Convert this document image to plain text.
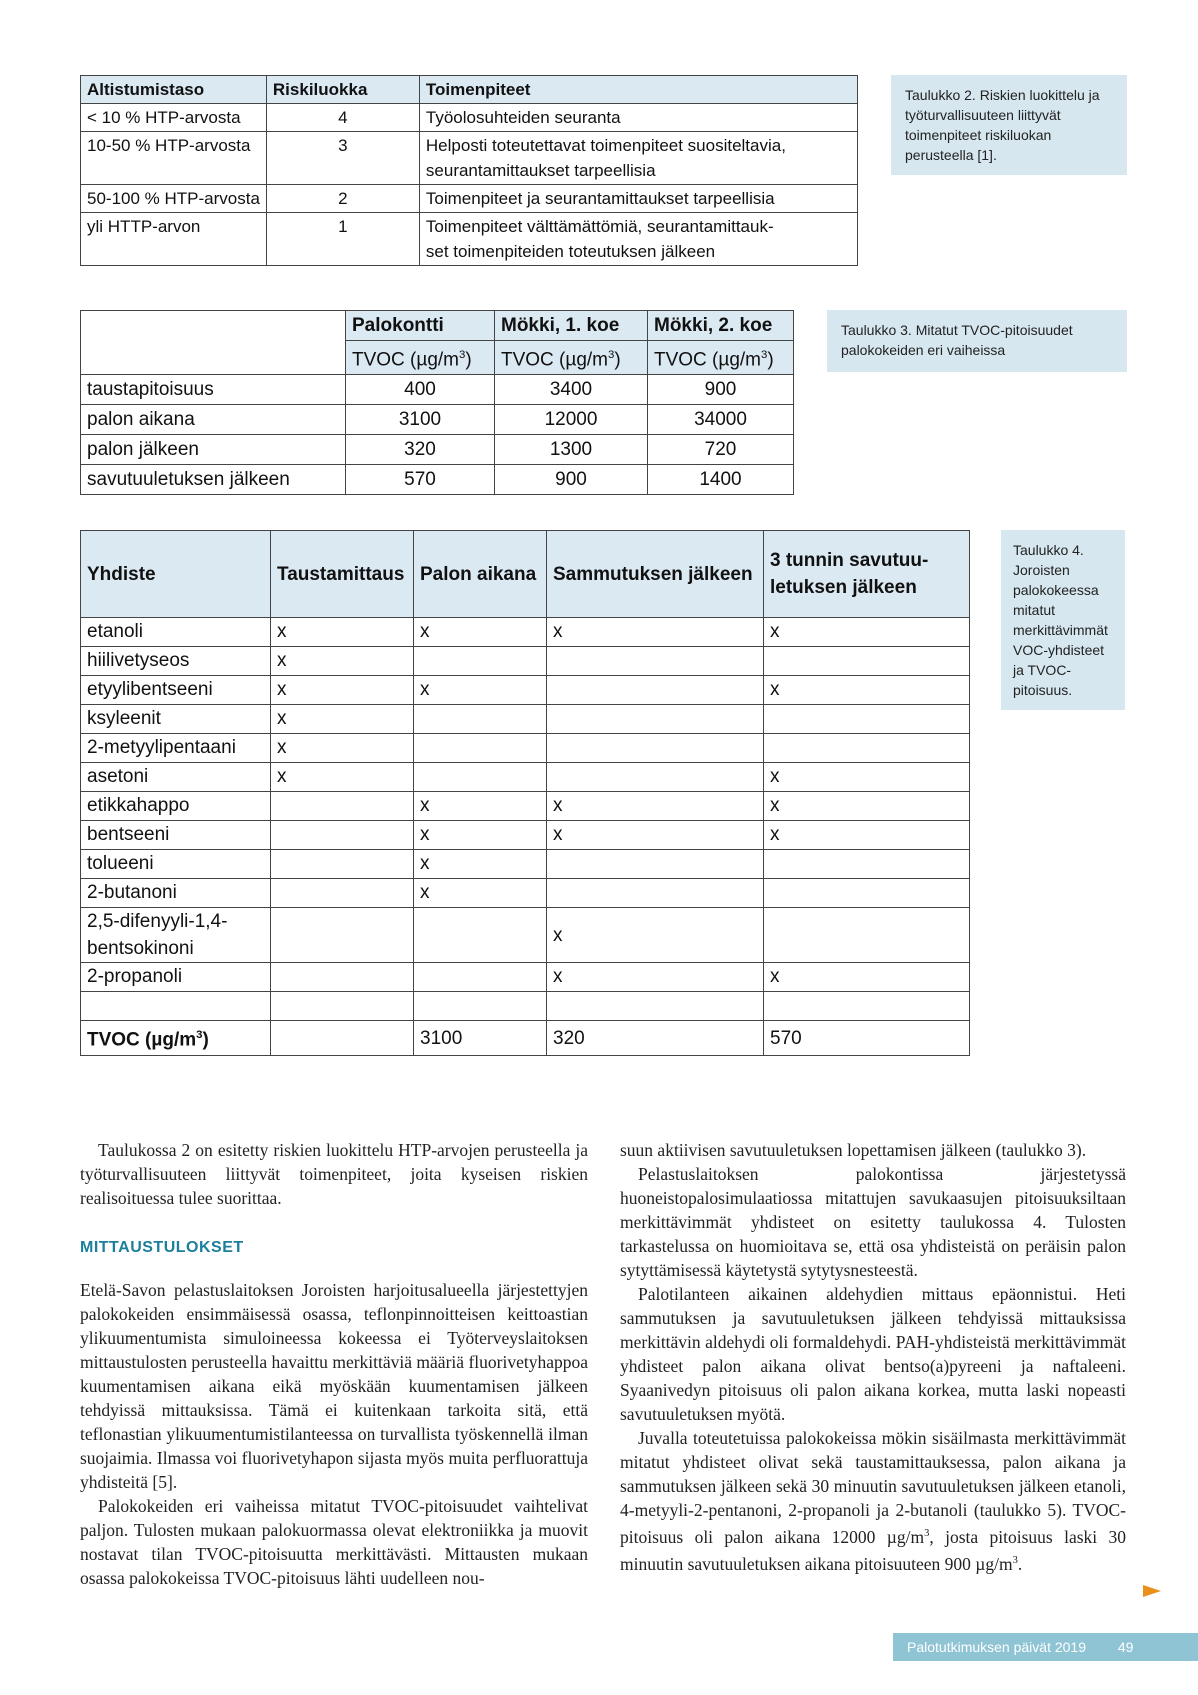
Altistumistaso	Riskiluokka	Toimenpiteet
< 10 % HTP-arvosta	4	Työolosuhteiden seuranta
10-50 % HTP-arvosta	3	Helposti toteutettavat toimenpiteet suositeltavia,
seurantamittaukset tarpeellisia

50-100 % HTP-arvosta	2	Toimenpiteet ja seurantamittaukset tarpeellisia
yli HTTP-arvon	1	Toimenpiteet välttämättömiä, seurantamittauk-
set toimenpiteiden toteutuksen jälkeen
Taulukko 2. Riskien luokittelu ja työturvallisuuteen liittyvät toimenpiteet riskiluokan perusteella [1].
	Palokontti	Mökki, 1. koe	Mökki, 2. koe
	TVOC $(\mu g/m^3)$	TVOC $(\mu g/m^3)$	TVOC $(\mu g/m^3)$
taustapitoisuus	400	3400	900
palon aikana	3100	12000	34000
palon jälkeen	320	1300	720
savutuuletuksen jälkeen	570	900	1400
Taulukko 3. Mitatut TVOC-pitoisuudet palokokeiden eri vaiheissa
Yhdiste	Taustamittaus	Palon aikana	Sammutuksen jälkeen	3 tunnin savutuu-
letuksen jälkeen

etanoli	x	x	x	x
hiilivetyseos	x			
etyylibentseeni	x	x		x
ksyleenit	x			
2-metyylipentaani	x			
asetoni	x			x
etikkahappo		x	x	x
bentseeni		x	x	x
tolueeni		x		
2-butanoni		x		

2,5-difenyyli-1,4-
bentsokinoni			x	
2-propanoli			x	x

TVOC $(\mu g/m^3)$		3100	320	570
Taulukko 4. Joroisten palokokeessa mitatut merkittävimmät VOC-yhdisteet ja TVOC-pitoisuus.

Taulukossa 2 on esitetty riskien luokittelu HTP-arvojen perusteella ja työturvallisuuteen liittyvät toimenpiteet, joita kyseisen riskien realisoituessa tulee suorittaa.

MITTAUSTULOKSET

Etelä-Savon pelastuslaitoksen Joroisten harjoitusalueella järjestettyjen palokokeiden ensimmäisessä osassa, teflonpinnoitteisen keittoastian ylikuumentumista simuloineessa kokeessa ei Työterveyslaitoksen mittaustulosten perusteella havaittu merkittäviä määriä fluorivetyhappoa kuumentamisen aikana eikä myöskään kuumentamisen jälkeen tehdyissä mittauksissa. Tämä ei kuitenkaan tarkoita sitä, että teflonastian ylikuumentumistilanteessa on turvallista työskennellä ilman suojaimia. Ilmassa voi fluorivetyhapon sijasta myös muita perfluorattuja yhdisteitä [5].

Palokokeiden eri vaiheissa mitatut TVOC-pitoisuudet vaihtelivat paljon. Tulosten mukaan palokuormassa olevat elektroniikka ja muovit nostavat tilan TVOC-pitoisuutta merkittävästi. Mittausten mukaan osassa palokokeissa TVOC-pitoisuus lähti uudelleen nou-

suun aktiivisen savutuuletuksen lopettamisen jälkeen (taulukko 3).

Pelastuslaitoksen palokontissa järjestetyssä huoneistopalosimulaatiossa mitattujen savukaasujen pitoisuuksiltaan merkittävimmät yhdisteet on esitetty taulukossa 4. Tulosten tarkastelussa on huomioitava se, että osa yhdisteistä on peräisin palon sytyttämisessä käytetystä sytytysnesteestä.

Palotilanteen aikainen aldehydien mittaus epäonnistui. Heti sammutuksen ja savutuuletuksen jälkeen tehdyissä mittauksissa merkittävin aldehydi oli formaldehydi. PAH-yhdisteistä merkittävimmät yhdisteet palon aikana olivat bentso(a)pyreeni ja naftaleeni. Syaanivedyn pitoisuus oli palon aikana korkea, mutta laski nopeasti savutuuletuksen myötä.

Juvalla toteutetuissa palokokeissa mökin sisäilmasta merkittävimmät mitatut yhdisteet olivat sekä taustamittauksessa, palon aikana ja sammutuksen jälkeen sekä 30 minuutin savutuuletuksen jälkeen etanoli, 4-metyyli-2-pentanoni, 2-propanoli ja 2-butanoli (taulukko 5). TVOC-pitoisuus oli palon aikana 12000 $\mu g/m^3$, josta pitoisuus laski 30 minuutin savutuuletuksen aikana pitoisuuteen 900 $\mu g/m^3$.

Palotutkimuksen päivät 2019 49
